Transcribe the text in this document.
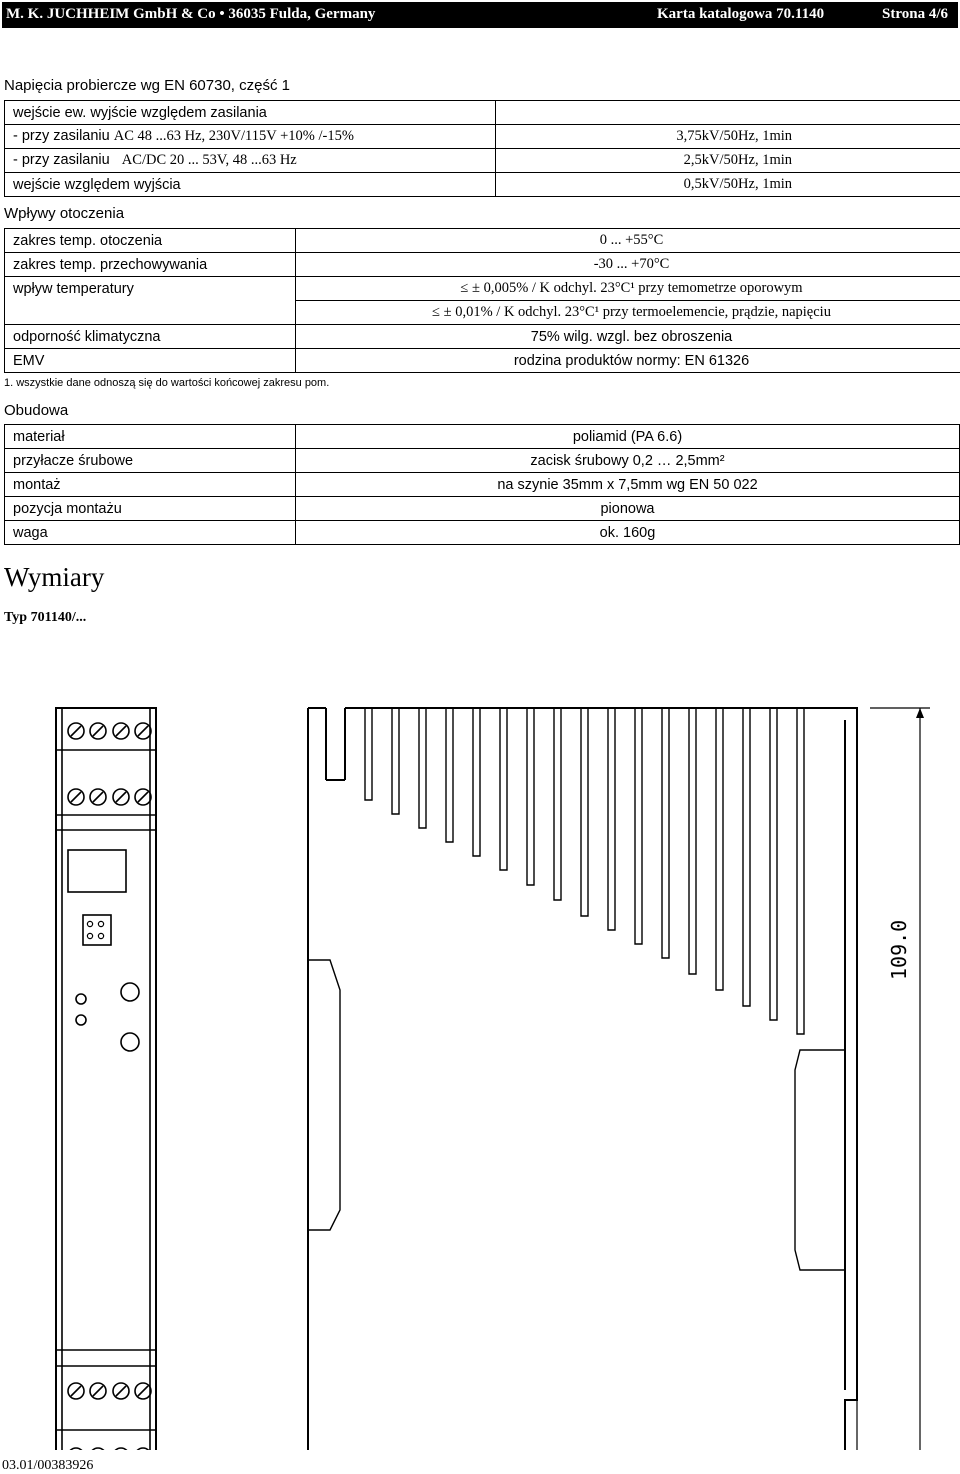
M. K. JUCHHEIM GmbH & Co • 36035 Fulda, Germany	Karta katalogowa 70.1140	Strona 4/6
Napięcia probiercze wg EN 60730, część 1
wejście ew. wyjście względem zasilania	
- przy zasilaniu AC 48 ...63 Hz, 230V/115V +10% /-15%	3,75kV/50Hz, 1min
- przy zasilaniu   AC/DC 20 ... 53V, 48 ...63 Hz	2,5kV/50Hz, 1min
wejście względem wyjścia	0,5kV/50Hz, 1min
Wpływy otoczenia
zakres temp. otoczenia	0 ... +55°C
zakres temp. przechowywania	-30 ... +70°C
wpływ temperatury	≤ ± 0,005% / K odchyl. 23°C¹ przy temometrze oporowym
	≤ ± 0,01% / K odchyl. 23°C¹ przy termoelemencie, prądzie, napięciu
odporność klimatyczna	75% wilg. wzgl. bez obroszenia
EMV	rodzina produktów normy: EN 61326
1. wszystkie dane odnoszą się do wartości końcowej zakresu pom.
Obudowa
materiał	poliamid (PA 6.6)
przyłacze śrubowe	zacisk śrubowy 0,2 … 2,5mm²
montaż	na szynie 35mm x 7,5mm wg EN 50 022
pozycja montażu	pionowa
waga	ok. 160g
Wymiary
Typ 701140/...
109.0
03.01/00383926
